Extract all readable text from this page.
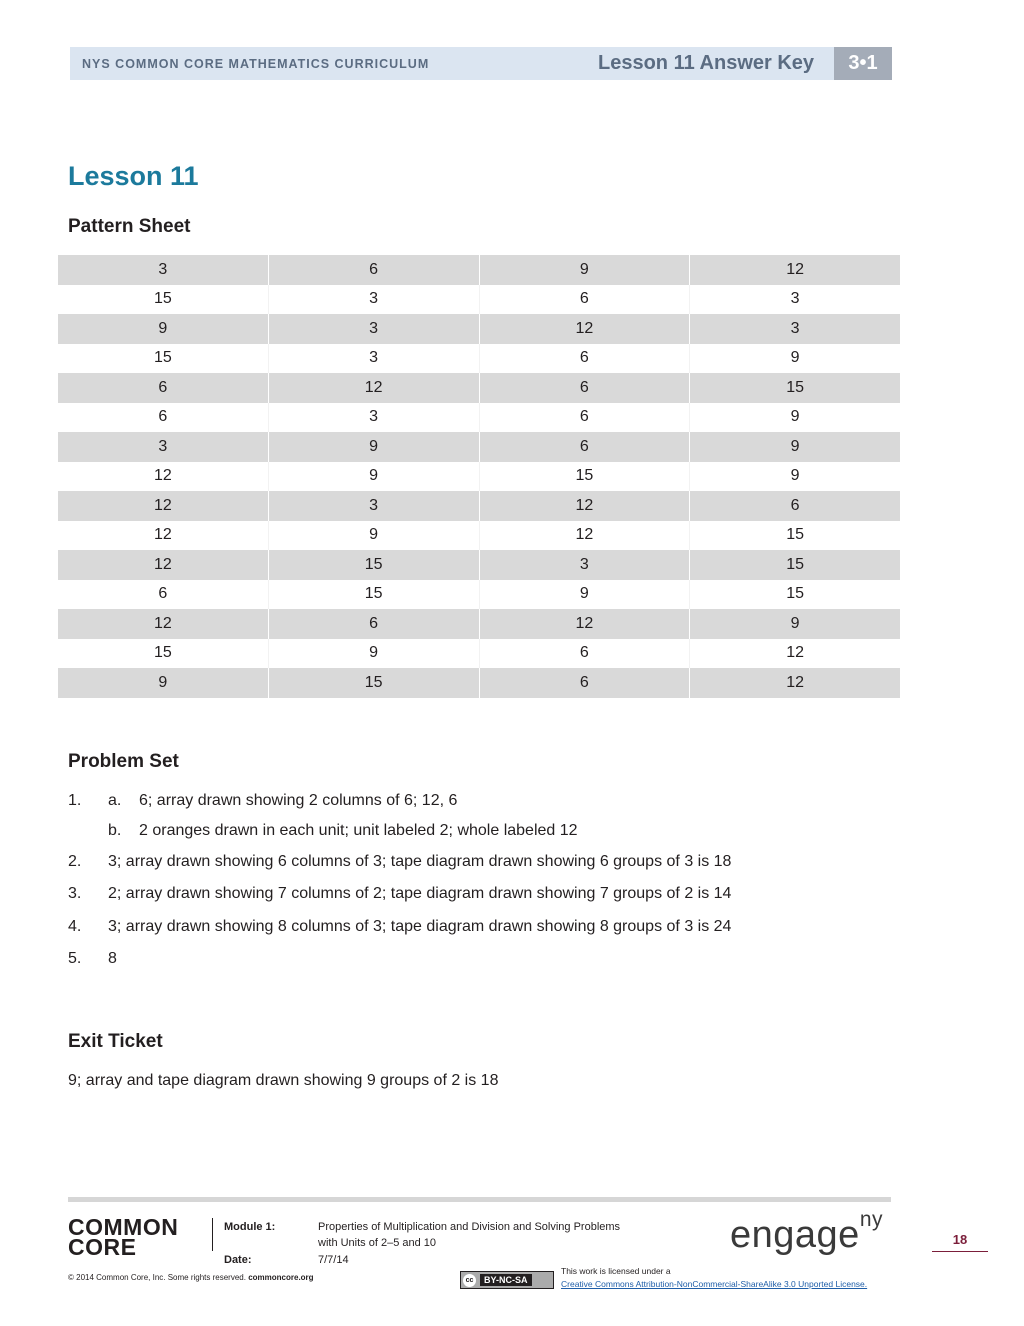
NYS COMMON CORE MATHEMATICS CURRICULUM	Lesson 11 Answer Key	3•1
Lesson 11
Pattern Sheet
3	6	9	12
15	3	6	3
9	3	12	3
15	3	6	9
6	12	6	15
6	3	6	9
3	9	6	9
12	9	15	9
12	3	12	6
12	9	12	15
12	15	3	15
6	15	9	15
12	6	12	9
15	9	6	12
9	15	6	12
Problem Set
1. a. 6; array drawn showing 2 columns of 6; 12, 6
b. 2 oranges drawn in each unit; unit labeled 2; whole labeled 12
2. 3; array drawn showing 6 columns of 3; tape diagram drawn showing 6 groups of 3 is 18
3. 2; array drawn showing 7 columns of 2; tape diagram drawn showing 7 groups of 2 is 14
4. 3; array drawn showing 8 columns of 3; tape diagram drawn showing 8 groups of 3 is 24
5. 8
Exit Ticket
9; array and tape diagram drawn showing 9 groups of 2 is 18
COMMON
CORE
Module 1:	Properties of Multiplication and Division and Solving Problems
with Units of 2–5 and 10
Date:	7/7/14
engage$^{ny}$
18
© 2014 Common Core, Inc. Some rights reserved. commoncore.org	cc	BY-NC-SA
This work is licensed under a
Creative Commons Attribution-NonCommercial-ShareAlike 3.0 Unported License.
